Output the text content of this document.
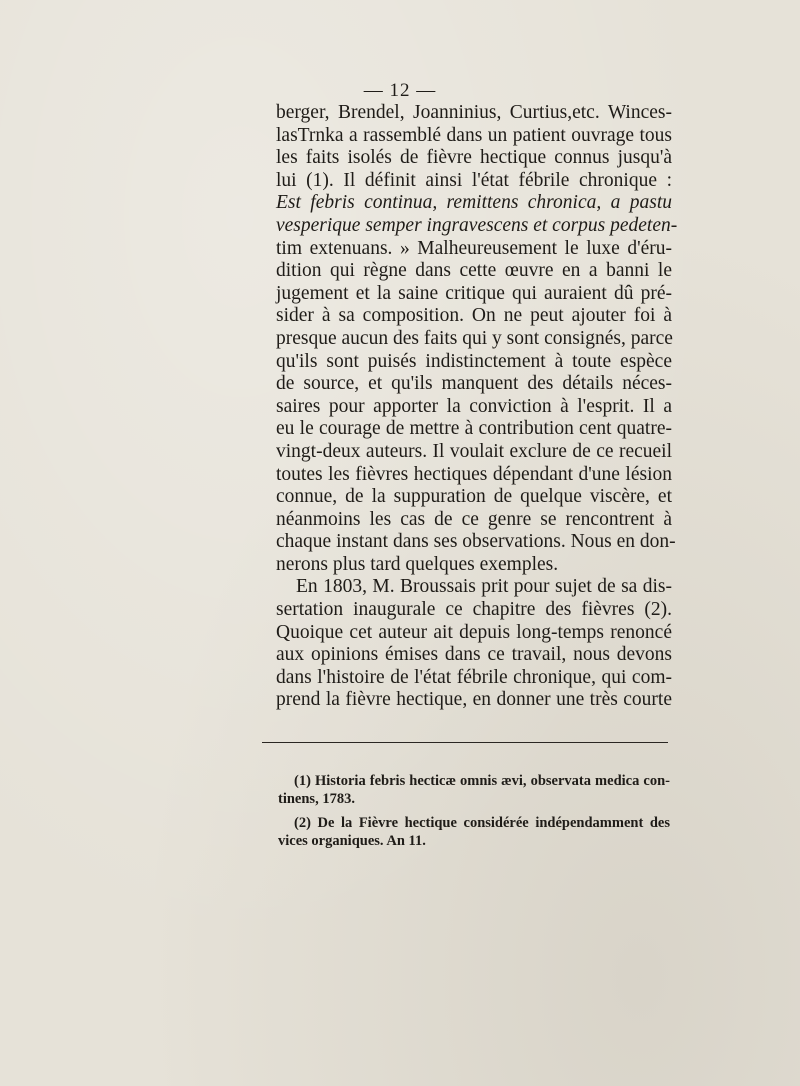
— 12 —
berger, Brendel, Joanninius, Curtius,etc. Winces-
lasTrnka a rassemblé dans un patient ouvrage tous
les faits isolés de fièvre hectique connus jusqu'à
lui (1). Il définit ainsi l'état fébrile chronique :
Est febris continua, remittens chronica, a pastu
vesperique semper ingravescens et corpus pedeten-
tim extenuans. » Malheureusement le luxe d'éru-
dition qui règne dans cette œuvre en a banni le
jugement et la saine critique qui auraient dû pré-
sider à sa composition. On ne peut ajouter foi à
presque aucun des faits qui y sont consignés, parce
qu'ils sont puisés indistinctement à toute espèce
de source, et qu'ils manquent des détails néces-
saires pour apporter la conviction à l'esprit. Il a
eu le courage de mettre à contribution cent quatre-
vingt-deux auteurs. Il voulait exclure de ce recueil
toutes les fièvres hectiques dépendant d'une lésion
connue, de la suppuration de quelque viscère, et
néanmoins les cas de ce genre se rencontrent à
chaque instant dans ses observations. Nous en don-
nerons plus tard quelques exemples.
En 1803, M. Broussais prit pour sujet de sa dis-
sertation inaugurale ce chapitre des fièvres (2).
Quoique cet auteur ait depuis long-temps renoncé
aux opinions émises dans ce travail, nous devons
dans l'histoire de l'état fébrile chronique, qui com-
prend la fièvre hectique, en donner une très courte
(1) Historia febris hecticæ omnis ævi, observata medica con-
tinens, 1783.
(2) De la Fièvre hectique considérée indépendamment des
vices organiques. An 11.
